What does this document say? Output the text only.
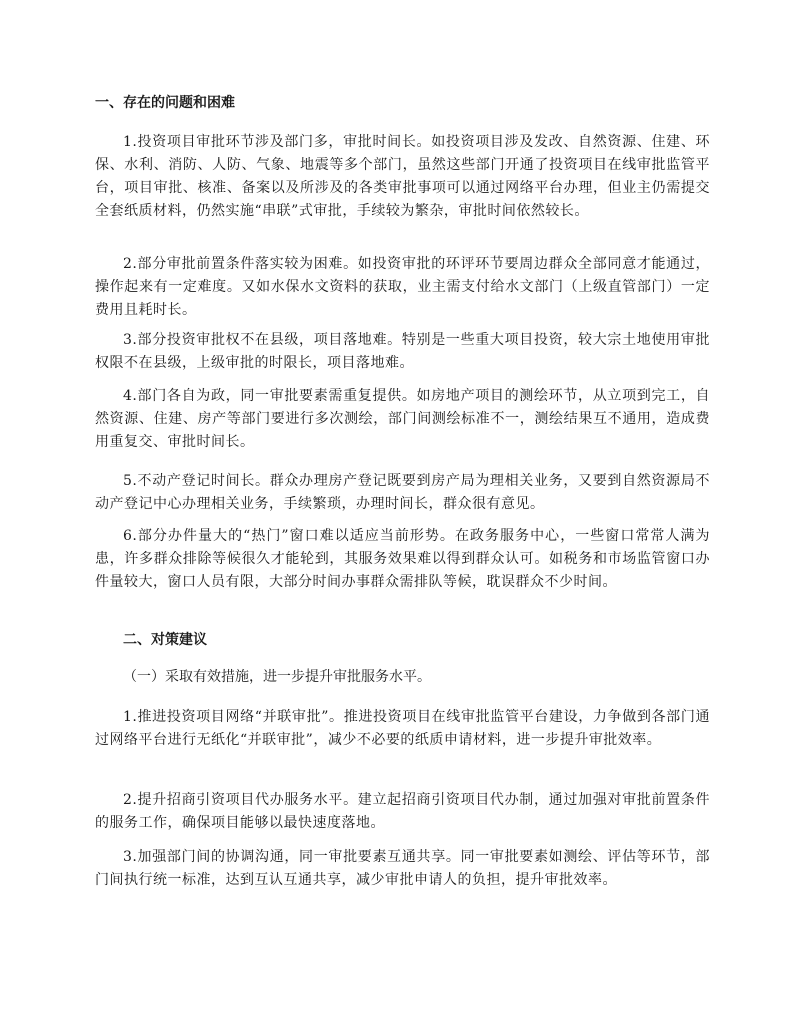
一、存在的问题和困难

1.投资项目审批环节涉及部门多，审批时间长。如投资项目涉及发改、自然资源、住建、环保、水利、消防、人防、气象、地震等多个部门，虽然这些部门开通了投资项目在线审批监管平台，项目审批、核准、备案以及所涉及的各类审批事项可以通过网络平台办理，但业主仍需提交全套纸质材料，仍然实施“串联”式审批，手续较为繁杂，审批时间依然较长。

2.部分审批前置条件落实较为困难。如投资审批的环评环节要周边群众全部同意才能通过，操作起来有一定难度。又如水保水文资料的获取，业主需支付给水文部门（上级直管部门）一定费用且耗时长。

3.部分投资审批权不在县级，项目落地难。特别是一些重大项目投资，较大宗土地使用审批权限不在县级，上级审批的时限长，项目落地难。

4.部门各自为政，同一审批要素需重复提供。如房地产项目的测绘环节，从立项到完工，自然资源、住建、房产等部门要进行多次测绘，部门间测绘标准不一，测绘结果互不通用，造成费用重复交、审批时间长。

5.不动产登记时间长。群众办理房产登记既要到房产局为理相关业务，又要到自然资源局不动产登记中心办理相关业务，手续繁琐，办理时间长，群众很有意见。

6.部分办件量大的“热门”窗口难以适应当前形势。在政务服务中心，一些窗口常常人满为患，许多群众排除等候很久才能轮到，其服务效果难以得到群众认可。如税务和市场监管窗口办件量较大，窗口人员有限，大部分时间办事群众需排队等候，耽误群众不少时间。

二、对策建议

（一）采取有效措施，进一步提升审批服务水平。

1.推进投资项目网络“并联审批”。推进投资项目在线审批监管平台建设，力争做到各部门通过网络平台进行无纸化“并联审批”，减少不必要的纸质申请材料，进一步提升审批效率。

2.提升招商引资项目代办服务水平。建立起招商引资项目代办制，通过加强对审批前置条件的服务工作，确保项目能够以最快速度落地。

3.加强部门间的协调沟通，同一审批要素互通共享。同一审批要素如测绘、评估等环节，部门间执行统一标准，达到互认互通共享，减少审批申请人的负担，提升审批效率。
